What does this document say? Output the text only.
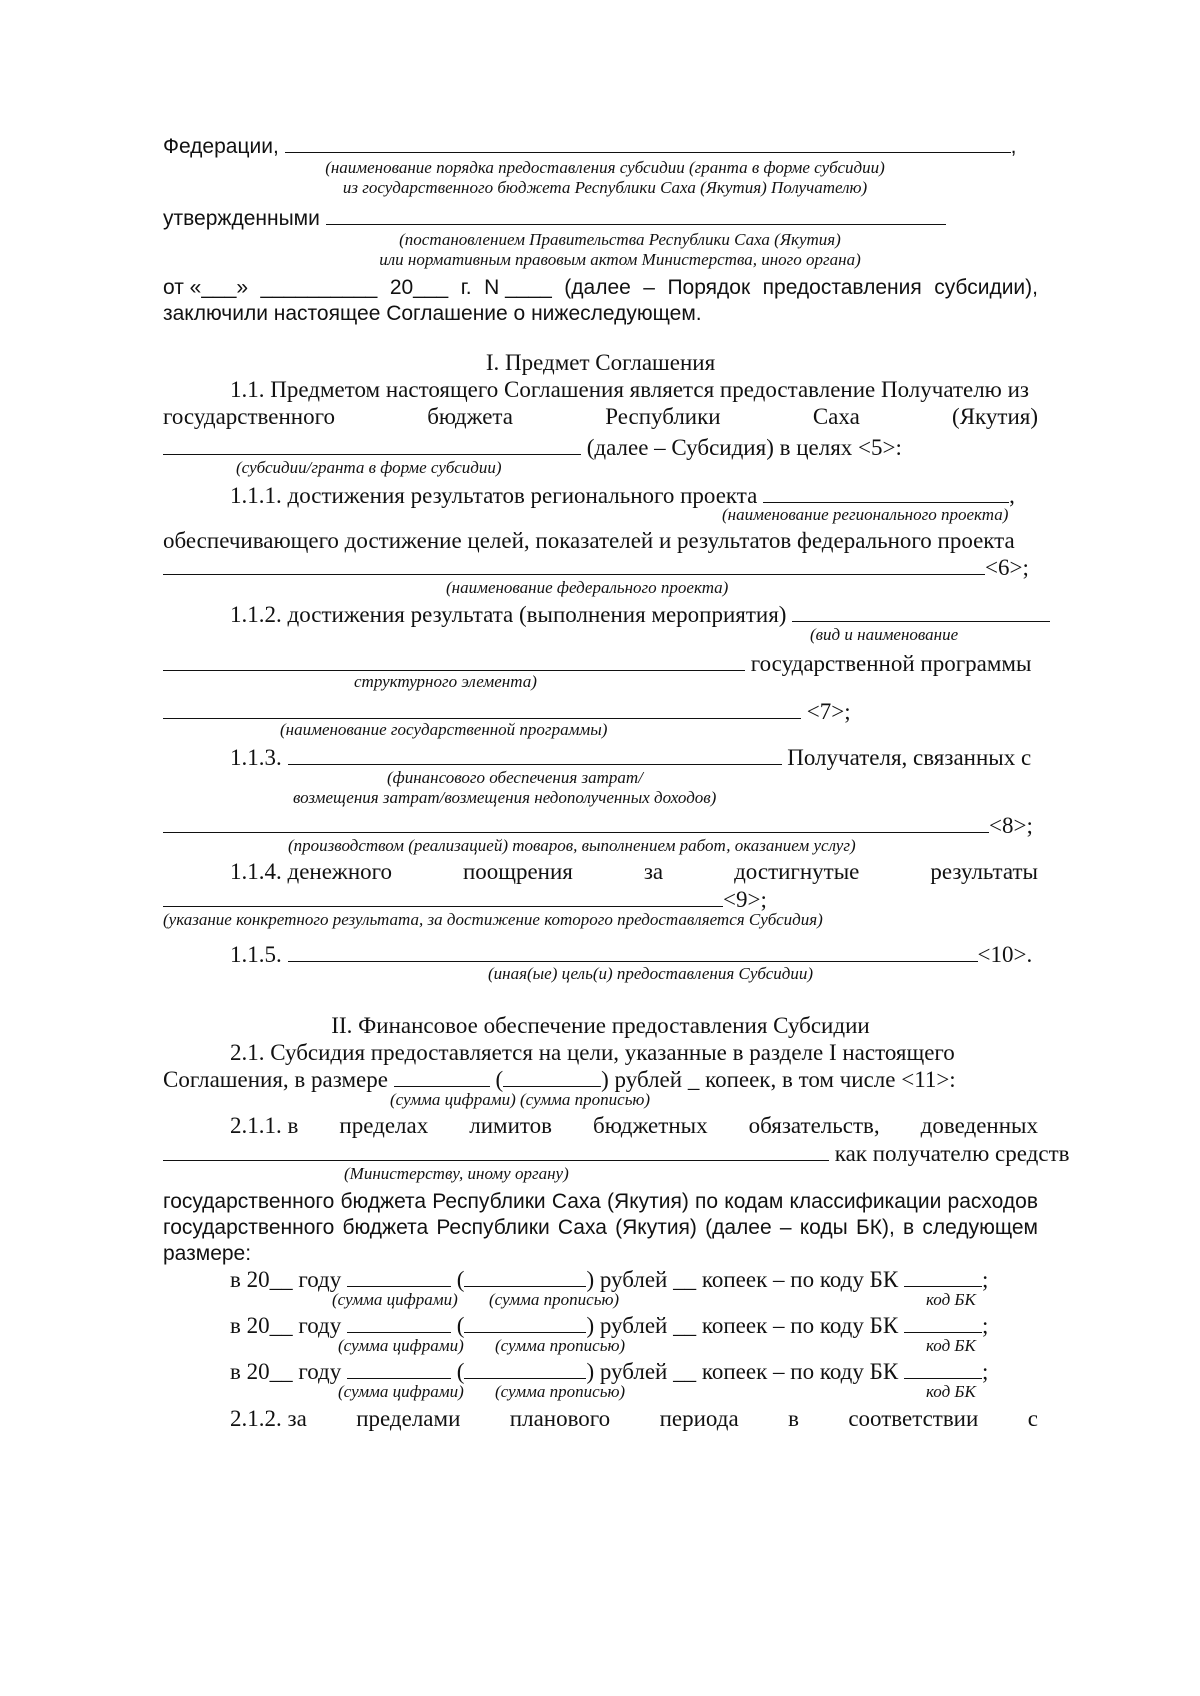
Федерации,	,
(наименование порядка предоставления субсидии (гранта в форме субсидии)
из государственного бюджета Республики Саха (Якутия) Получателю)
утвержденными
(постановлением Правительства Республики Саха (Якутия)
или нормативным правовым актом Министерства, иного органа)
от «___» __________ 20___ г. N ____ (далее – Порядок предоставления субсидии),
заключили настоящее Соглашение о нижеследующем.
I. Предмет Соглашения
1.1. Предметом настоящего Соглашения является предоставление Получателю из
государственного	бюджета	Республики	Саха	(Якутия)
(далее – Субсидия) в целях <5>:
(субсидии/гранта в форме субсидии)
1.1.1. достижения результатов регионального проекта	,
(наименование регионального проекта)
обеспечивающего достижение целей, показателей и результатов федерального проекта
<6>;
(наименование федерального проекта)
1.1.2. достижения результата (выполнения мероприятия)
(вид и наименование
государственной программы
структурного элемента)
<7>;
(наименование государственной программы)
1.1.3.	Получателя, связанных с
(финансового обеспечения затрат/
возмещения затрат/возмещения недополученных доходов)
<8>;
(производством (реализацией) товаров, выполнением работ, оказанием услуг)
1.1.4. денежного	поощрения	за	достигнутые	результаты
<9>;
(указание конкретного результата, за достижение которого предоставляется Субсидия)
1.1.5.	<10>.
(иная(ые) цель(и) предоставления Субсидии)
II. Финансовое обеспечение предоставления Субсидии
2.1. Субсидия предоставляется на цели, указанные в разделе I настоящего
Соглашения, в размере	(	) рублей _ копеек, в том числе <11>:
(сумма цифрами) (сумма прописью)
2.1.1. в пределах лимитов бюджетных обязательств, доведенных
как получателю средств
(Министерству, иному органу)
государственного бюджета Республики Саха (Якутия) по кодам классификации расходов
государственного бюджета Республики Саха (Якутия) (далее – коды БК), в следующем
размере:
в 20__ году	(	) рублей __ копеек – по коду БК	;
(сумма цифрами) (сумма прописью)	код БК
в 20__ году	(	) рублей __ копеек – по коду БК	;
(сумма цифрами) (сумма прописью)	код БК
в 20__ году	(	) рублей __ копеек – по коду БК	;
(сумма цифрами) (сумма прописью)	код БК
2.1.2. за пределами планового периода в соответствии с
